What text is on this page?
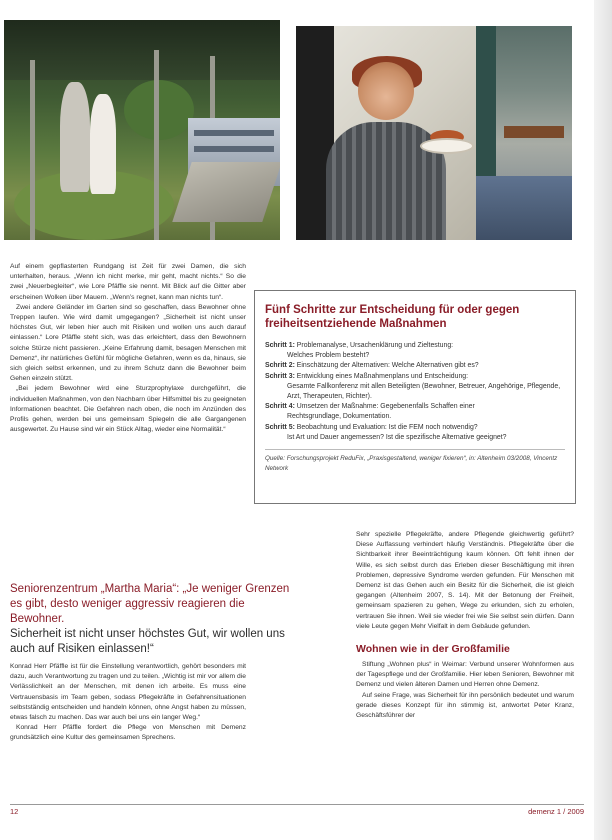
Auf einem gepflasterten Rundgang ist Zeit für zwei Damen, die sich unterhalten, heraus. „Wenn ich nicht merke, mir geht, macht nichts.“ So die zwei „Neuerbegleiter“, wie Lore Pfäffle sie nennt. Mit Blick auf die Gitter aber erscheinen Wolken über Mauern. „Wenn’s regnet, kann man nichts tun“.

Zwei andere Geländer im Garten sind so geschaffen, dass Bewohner ohne Treppen laufen. Wie wird damit umgegangen? „Sicherheit ist nicht unser höchstes Gut, wir leben hier auch mit Risiken und wollen uns auch darauf einlassen.“ Lore Pfäffle steht sich, was das erleichtert, dass den Bewohnern solche Stürze nicht passieren. „Keine Erfahrung damit, besagen Menschen mit Demenz“, ihr natürliches Gefühl für mögliche Gefahren, wenn es da, hinaus, sie sich gleich selbst erkennen, und zu ihrem Schutz dann die Bewohner beim Gehen einzeln stützt.

„Bei jedem Bewohner wird eine Sturzprophylaxe durchgeführt, die individuellen Maßnahmen, von den Nachbarn über Hilfsmittel bis zu geeigneten Informationen beachtet. Die Gefahren nach oben, die noch im Anzünden des Profils gehen, werden bei uns gemeinsam Spiegeln die alle Gargangenen ausgewertet. Zu Hause sind wir ein Stück Alltag, wieder eine Normalität.“

Seniorenzentrum „Martha Maria“: „Je weniger Grenzen es gibt, desto weniger aggressiv reagieren die Bewohner.
Sicherheit ist nicht unser höchstes Gut, wir wollen uns auch auf Risiken einlassen!“

Konrad Herr Pfäffle ist für die Einstellung verantwortlich, gehört besonders mit dazu, auch Verantwortung zu tragen und zu teilen. „Wichtig ist mir vor allem die Verlässlichkeit an der Menschen, mit denen ich arbeite. Es muss eine Vertrauensbasis im Team geben, sodass Pflegekräfte in Gefahrensituationen selbstständig entscheiden und handeln können, ohne Angst haben zu müssen, etwas falsch zu machen. Das war auch bei uns ein langer Weg.“

Konrad Herr Pfäffle fordert die Pflege von Menschen mit Demenz grundsätzlich eine Kultur des gemeinsamen Sprechens.

Fünf Schritte zur Entscheidung für oder gegen freiheitsentziehende Maßnahmen
Schritt 1: Problemanalyse, Ursachenklärung und Zieltestung:
Welches Problem besteht?
Schritt 2: Einschätzung der Alternativen: Welche Alternativen gibt es?
Schritt 3: Entwicklung eines Maßnahmenplans und Entscheidung:
Gesamte Fallkonferenz mit allen Beteiligten (Bewohner, Betreuer, Angehörige, Pflegende, Arzt, Therapeuten, Richter).
Schritt 4: Umsetzen der Maßnahme: Gegebenenfalls Schaffen einer
Rechtsgrundlage, Dokumentation.
Schritt 5: Beobachtung und Evaluation: Ist die FEM noch notwendig?
Ist Art und Dauer angemessen? Ist die spezifische Alternative geeignet?
Quelle: Forschungsprojekt ReduFix, „Praxisgestaltend, weniger fixieren“, in: Altenheim 03/2008, Vincentz Network

Sehr spezielle Pflegekräfte, andere Pflegende gleichwertig geführt? Diese Auffassung verhindert häufig Verständnis. Pflegekräfte über die Sichtbarkeit ihrer Beeinträchtigung kaum können. Oft fehlt ihnen der Wille, es sich selbst durch das Erleben dieser Beschäftigung mit ihren Problemen, depressive Syndrome werden gefunden. Für Menschen mit Demenz ist das Gehen auch ein Besitz für die Sicherheit, die ist gleich gegangen (Altenheim 2007, S. 14). Mit der Betonung der Freiheit, gemeinsam spazieren zu gehen, Wege zu erkunden, sich zu erholen, vertrauen Sie ihnen. Weil sie wieder frei wie Sie selbst sein dürfen. Dann viele Leute gegen Mehr Vielfalt in dem Gebäude gefunden.

Wohnen wie in der Großfamilie

Stiftung „Wohnen plus“ in Weimar: Verbund unserer Wohnformen aus der Tagespflege und der Großfamilie. Hier leben Senioren, Bewohner mit Demenz und vielen älteren Damen und Herren ohne Demenz.

Auf seine Frage, was Sicherheit für ihn persönlich bedeutet und warum gerade dieses Konzept für ihn stimmig ist, antwortet Peter Kranz, Geschäftsführer der

12	demenz 1 / 2009
